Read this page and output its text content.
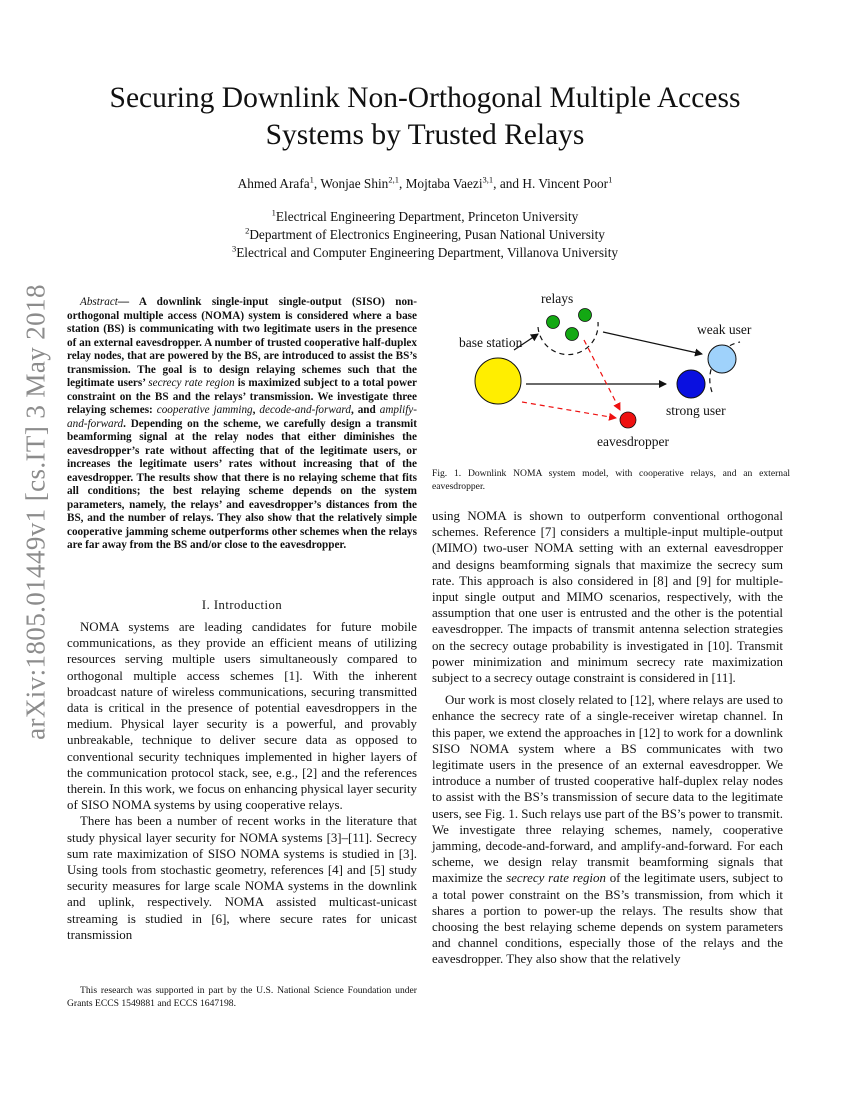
arXiv:1805.01449v1 [cs.IT] 3 May 2018
Securing Downlink Non-Orthogonal Multiple Access Systems by Trusted Relays
Ahmed Arafa$^1$, Wonjae Shin$^{2,1}$, Mojtaba Vaezi$^{3,1}$, and H. Vincent Poor$^1$
$^1$Electrical Engineering Department, Princeton University
$^2$Department of Electronics Engineering, Pusan National University
$^3$Electrical and Computer Engineering Department, Villanova University
Abstract— A downlink single-input single-output (SISO) non-orthogonal multiple access (NOMA) system is considered where a base station (BS) is communicating with two legitimate users in the presence of an external eavesdropper. A number of trusted cooperative half-duplex relay nodes, that are powered by the BS, are introduced to assist the BS’s transmission. The goal is to design relaying schemes such that the legitimate users’ secrecy rate region is maximized subject to a total power constraint on the BS and the relays’ transmission. We investigate three relaying schemes: cooperative jamming, decode-and-forward, and amplify-and-forward. Depending on the scheme, we carefully design a transmit beamforming signal at the relay nodes that either diminishes the eavesdropper’s rate without affecting that of the legitimate users, or increases the legitimate users’ rates without increasing that of the eavesdropper. The results show that there is no relaying scheme that fits all conditions; the best relaying scheme depends on the system parameters, namely, the relays’ and eavesdropper’s distances from the BS, and the number of relays. They also show that the relatively simple cooperative jamming scheme outperforms other schemes when the relays are far away from the BS and/or close to the eavesdropper.
I. Introduction

NOMA systems are leading candidates for future mobile communications, as they provide an efficient means of utilizing resources serving multiple users simultaneously compared to orthogonal multiple access schemes [1]. With the inherent broadcast nature of wireless communications, securing transmitted data is critical in the presence of potential eavesdroppers in the medium. Physical layer security is a powerful, and provably unbreakable, technique to deliver secure data as opposed to conventional security techniques implemented in higher layers of the communication protocol stack, see, e.g., [2] and the references therein. In this work, we focus on enhancing physical layer security of SISO NOMA systems by using cooperative relays.

There has been a number of recent works in the literature that study physical layer security for NOMA systems [3]–[11]. Secrecy sum rate maximization of SISO NOMA systems is studied in [3]. Using tools from stochastic geometry, references [4] and [5] study security measures for large scale NOMA systems in the downlink and uplink, respectively. NOMA assisted multicast-unicast streaming is studied in [6], where secure rates for unicast transmission

This research was supported in part by the U.S. National Science Foundation under Grants ECCS 1549881 and ECCS 1647198.
relays
base station
weak user
strong user
eavesdropper
Fig. 1. Downlink NOMA system model, with cooperative relays, and an external eavesdropper.

using NOMA is shown to outperform conventional orthogonal schemes. Reference [7] considers a multiple-input multiple-output (MIMO) two-user NOMA setting with an external eavesdropper and designs beamforming signals that maximize the secrecy sum rate. This approach is also considered in [8] and [9] for multiple-input single output and MIMO scenarios, respectively, with the assumption that one user is entrusted and the other is the potential eavesdropper. The impacts of transmit antenna selection strategies on the secrecy outage probability is investigated in [10]. Transmit power minimization and minimum secrecy rate maximization subject to a secrecy outage constraint is considered in [11].

Our work is most closely related to [12], where relays are used to enhance the secrecy rate of a single-receiver wiretap channel. In this paper, we extend the approaches in [12] to work for a downlink SISO NOMA system where a BS communicates with two legitimate users in the presence of an external eavesdropper. We introduce a number of trusted cooperative half-duplex relay nodes to assist with the BS’s transmission of secure data to the legitimate users, see Fig. 1. Such relays use part of the BS’s power to transmit. We investigate three relaying schemes, namely, cooperative jamming, decode-and-forward, and amplify-and-forward. For each scheme, we design relay transmit beamforming signals that maximize the secrecy rate region of the legitimate users, subject to a total power constraint on the BS’s transmission, from which it shares a portion to power-up the relays. The results show that choosing the best relaying scheme depends on system parameters and channel conditions, especially those of the relays and the eavesdropper. They also show that the relatively
